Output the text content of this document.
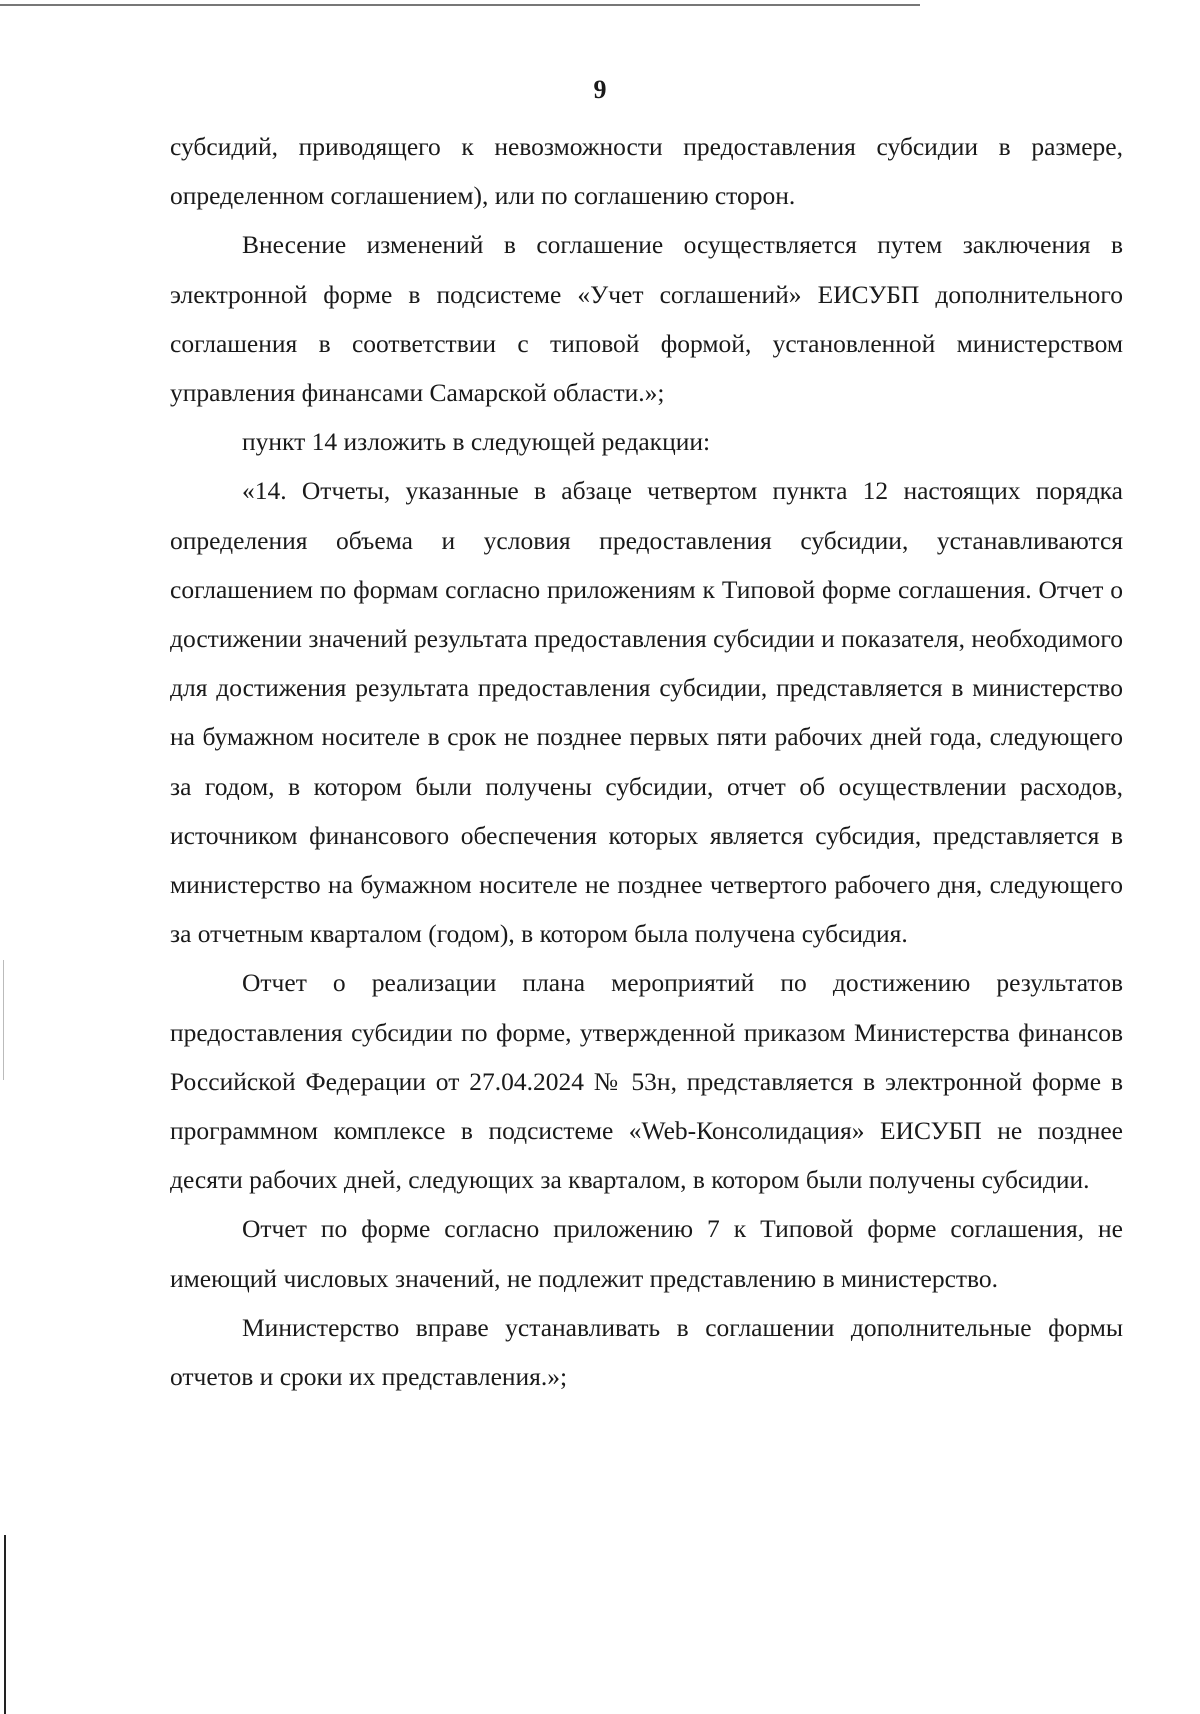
9

субсидий, приводящего к невозможности предоставления субсидии в размере, определенном соглашением), или по соглашению сторон.

Внесение изменений в соглашение осуществляется путем заключения в электронной форме в подсистеме «Учет соглашений» ЕИСУБП дополнительного соглашения в соответствии с типовой формой, установленной министерством управления финансами Самарской области.»;

пункт 14 изложить в следующей редакции:

«14. Отчеты, указанные в абзаце четвертом пункта 12 настоящих порядка определения объема и условия предоставления субсидии, устанавливаются соглашением по формам согласно приложениям к Типовой форме соглашения. Отчет о достижении значений результата предоставления субсидии и показателя, необходимого для достижения результата предоставления субсидии, представляется в министерство на бумажном носителе в срок не позднее первых пяти рабочих дней года, следующего за годом, в котором были получены субсидии, отчет об осуществлении расходов, источником финансового обеспечения которых является субсидия, представляется в министерство на бумажном носителе не позднее четвертого рабочего дня, следующего за отчетным кварталом (годом), в котором была получена субсидия.

Отчет о реализации плана мероприятий по достижению результатов предоставления субсидии по форме, утвержденной приказом Министерства финансов Российской Федерации от 27.04.2024 № 53н, представляется в электронной форме в программном комплексе в подсистеме «Web-Консолидация» ЕИСУБП не позднее десяти рабочих дней, следующих за кварталом, в котором были получены субсидии.

Отчет по форме согласно приложению 7 к Типовой форме соглашения, не имеющий числовых значений, не подлежит представлению в министерство.

Министерство вправе устанавливать в соглашении дополнительные формы отчетов и сроки их представления.»;
